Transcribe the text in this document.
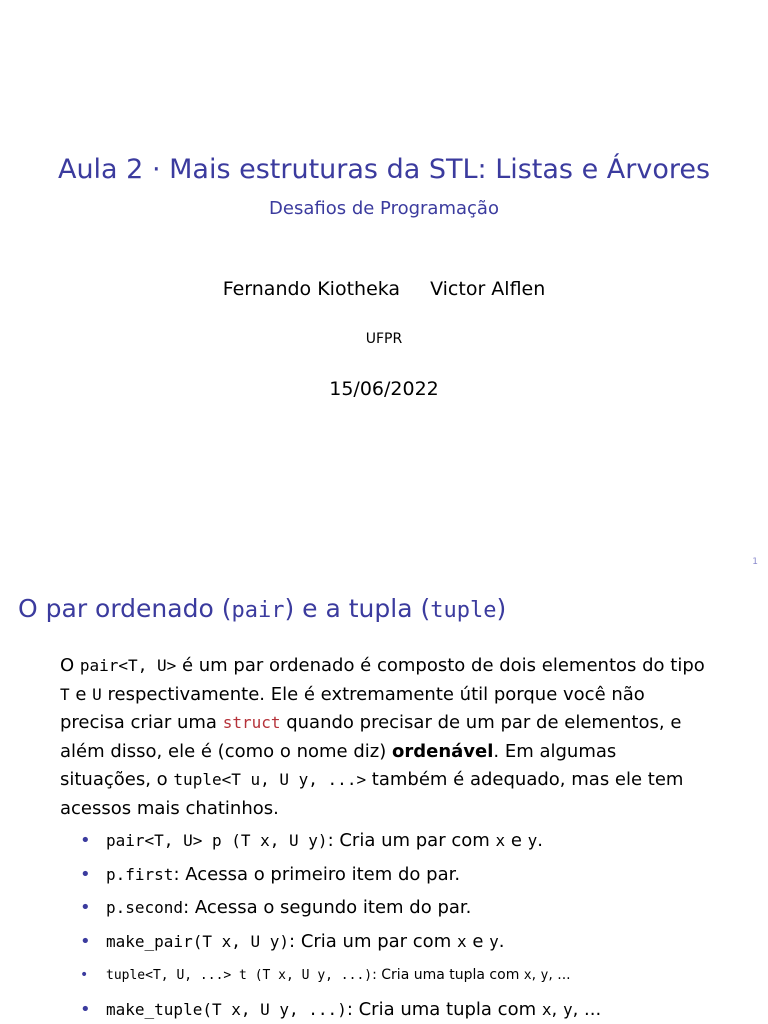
Aula 2 · Mais estruturas da STL: Listas e Árvores
Desafios de Programação
Fernando Kiotheka Victor Alflen
UFPR
15/06/2022
1
O par ordenado (pair) e a tupla (tuple)
O pair<T, U> é um par ordenado é composto de dois elementos do tipo T e U respectivamente. Ele é extremamente útil porque você não precisa criar uma struct quando precisar de um par de elementos, e além disso, ele é (como o nome diz) ordenável. Em algumas situações, o tuple<T u, U y, ...> também é adequado, mas ele tem acessos mais chatinhos.
• pair<T, U> p (T x, U y): Cria um par com x e y.
• p.first: Acessa o primeiro item do par.
• p.second: Acessa o segundo item do par.
• make_pair(T x, U y): Cria um par com x e y.
• tuple<T, U, ...> t (T x, U y, ...): Cria uma tupla com x, y, ...
• make_tuple(T x, U y, ...): Cria uma tupla com x, y, ...
